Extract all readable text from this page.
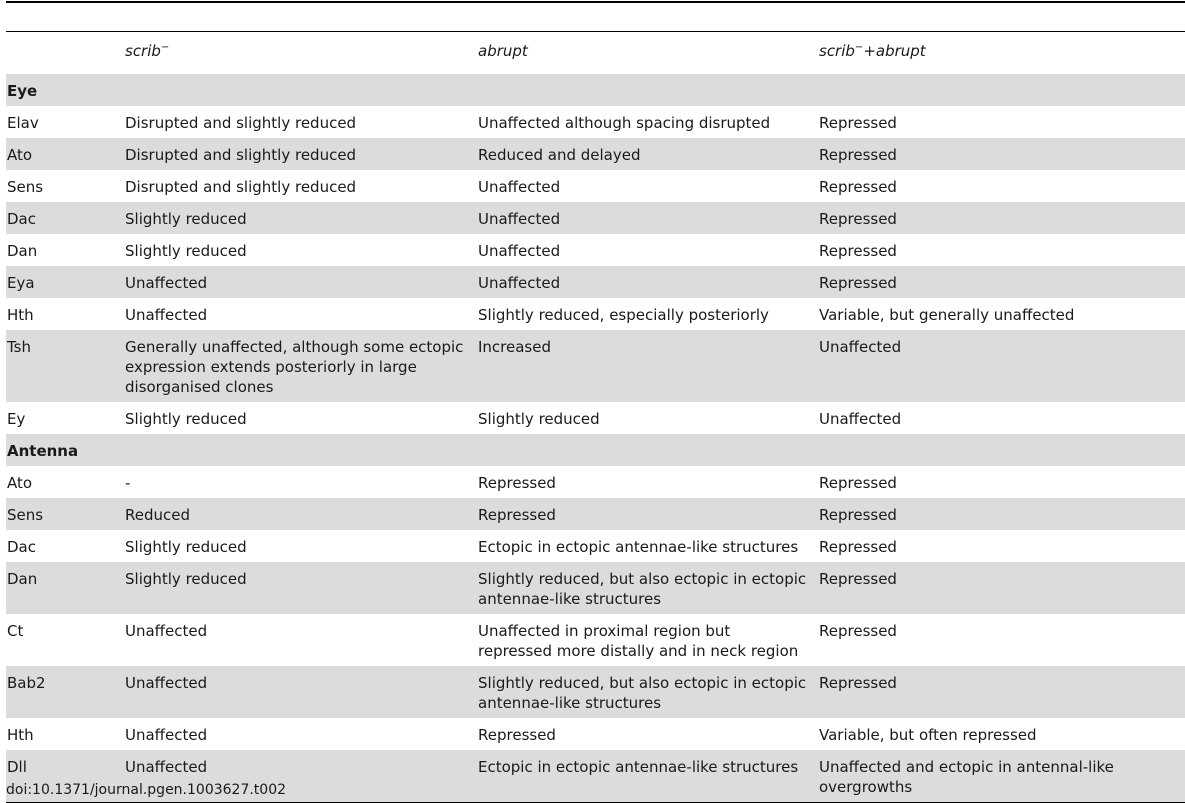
	scrib−	abrupt	scrib−+abrupt
Eye			
Elav	Disrupted and slightly reduced	Unaffected although spacing disrupted	Repressed
Ato	Disrupted and slightly reduced	Reduced and delayed	Repressed
Sens	Disrupted and slightly reduced	Unaffected	Repressed
Dac	Slightly reduced	Unaffected	Repressed
Dan	Slightly reduced	Unaffected	Repressed
Eya	Unaffected	Unaffected	Repressed
Hth	Unaffected	Slightly reduced, especially posteriorly	Variable, but generally unaffected
Tsh	Generally unaffected, although some ectopic expression extends posteriorly in large disorganised clones	Increased	Unaffected
Ey	Slightly reduced	Slightly reduced	Unaffected
Antenna			
Ato	-	Repressed	Repressed
Sens	Reduced	Repressed	Repressed
Dac	Slightly reduced	Ectopic in ectopic antennae-like structures	Repressed
Dan	Slightly reduced	Slightly reduced, but also ectopic in ectopic antennae-like structures	Repressed
Ct	Unaffected	Unaffected in proximal region but repressed more distally and in neck region	Repressed
Bab2	Unaffected	Slightly reduced, but also ectopic in ectopic antennae-like structures	Repressed
Hth	Unaffected	Repressed	Variable, but often repressed
Dll	Unaffected	Ectopic in ectopic antennae-like structures	Unaffected and ectopic in antennal-like overgrowths
doi:10.1371/journal.pgen.1003627.t002
